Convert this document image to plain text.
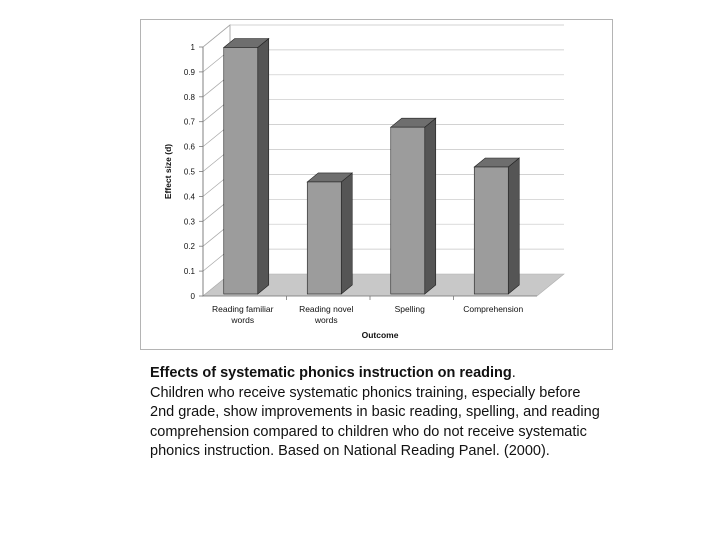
0
0.1
0.2
0.3
0.4
0.5
0.6
0.7
0.8
0.9
1
Reading familiar words
Reading novel words
Spelling	Comprehension
Outcome
Effect size (d)
Effects of systematic phonics instruction on reading.
Children who receive systematic phonics training, especially before 2nd grade, show improvements in basic reading, spelling, and reading comprehension compared to children who do not receive systematic phonics instruction. Based on National Reading Panel. (2000).
